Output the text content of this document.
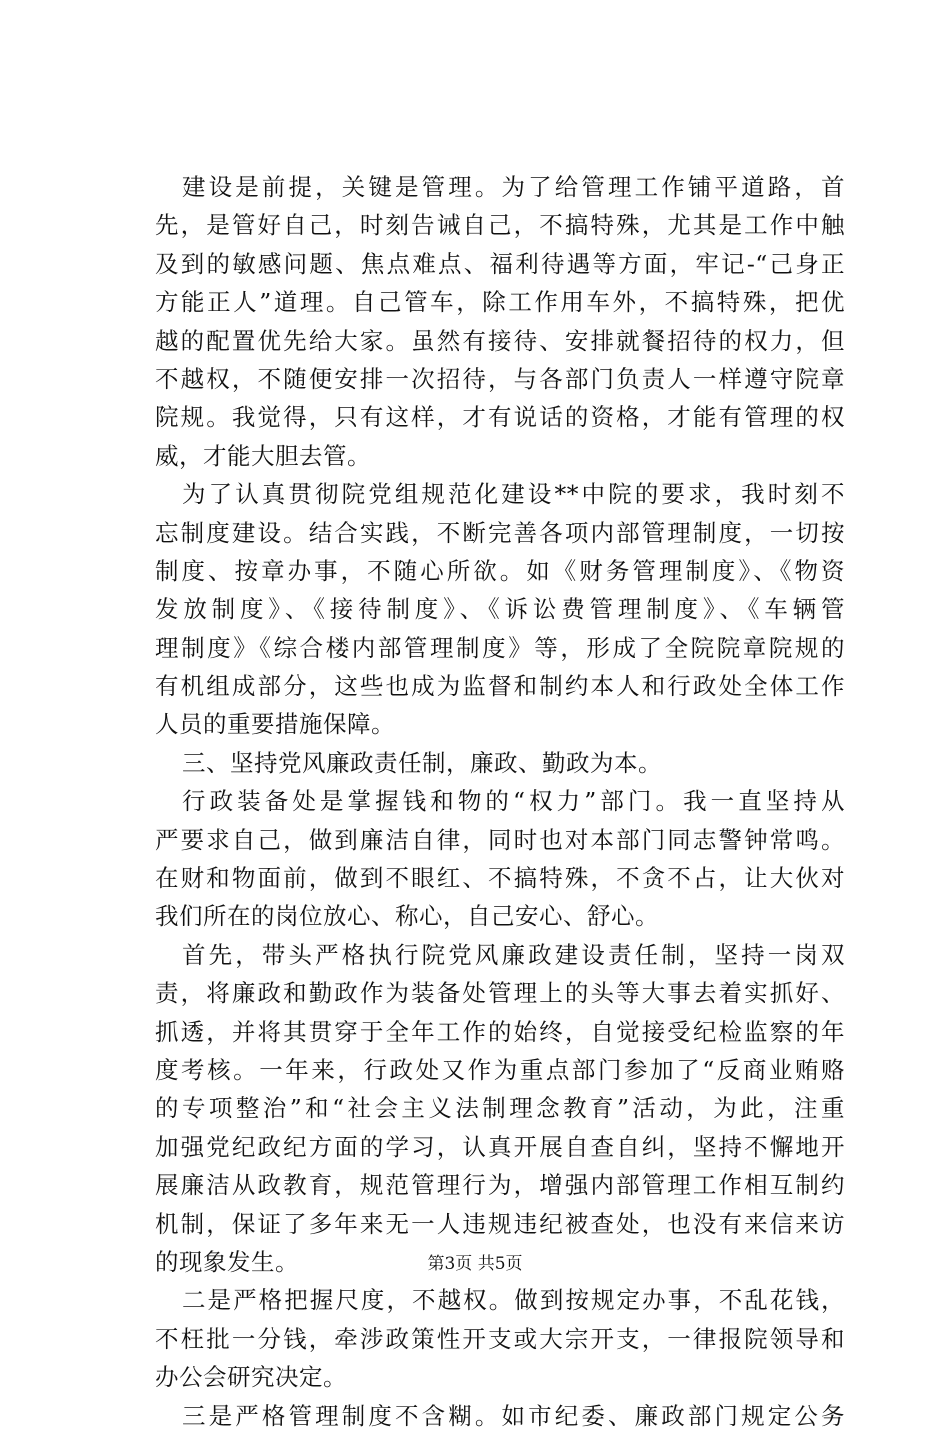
建设是前提，关键是管理。为了给管理工作铺平道路，首
先，是管好自己，时刻告诫自己，不搞特殊，尤其是工作中触
及到的敏感问题、焦点难点、福利待遇等方面，牢记-“己身正
方能正人”道理。自己管车，除工作用车外，不搞特殊，把优
越的配置优先给大家。虽然有接待、安排就餐招待的权力，但
不越权，不随便安排一次招待，与各部门负责人一样遵守院章
院规。我觉得，只有这样，才有说话的资格，才能有管理的权
威，才能大胆去管。
为了认真贯彻院党组规范化建设**中院的要求，我时刻不
忘制度建设。结合实践，不断完善各项内部管理制度，一切按
制度、按章办事，不随心所欲。如《财务管理制度》、《物资
发放制度》、《接待制度》、《诉讼费管理制度》、《车辆管
理制度》《综合楼内部管理制度》等，形成了全院院章院规的
有机组成部分，这些也成为监督和制约本人和行政处全体工作
人员的重要措施保障。
三、坚持党风廉政责任制，廉政、勤政为本。
行政装备处是掌握钱和物的“权力”部门。我一直坚持从
严要求自己，做到廉洁自律，同时也对本部门同志警钟常鸣。
在财和物面前，做到不眼红、不搞特殊，不贪不占，让大伙对
我们所在的岗位放心、称心，自己安心、舒心。
首先，带头严格执行院党风廉政建设责任制，坚持一岗双
责，将廉政和勤政作为装备处管理上的头等大事去着实抓好、
抓透，并将其贯穿于全年工作的始终，自觉接受纪检监察的年
度考核。一年来，行政处又作为重点部门参加了“反商业贿赂
的专项整治”和“社会主义法制理念教育”活动，为此，注重
加强党纪政纪方面的学习，认真开展自查自纠，坚持不懈地开
展廉洁从政教育，规范管理行为，增强内部管理工作相互制约
机制，保证了多年来无一人违规违纪被查处，也没有来信来访
的现象发生。
二是严格把握尺度，不越权。做到按规定办事，不乱花钱，
不枉批一分钱，牵涉政策性开支或大宗开支，一律报院领导和
办公会研究决定。
三是严格管理制度不含糊。如市纪委、廉政部门规定公务
第3页 共5页
